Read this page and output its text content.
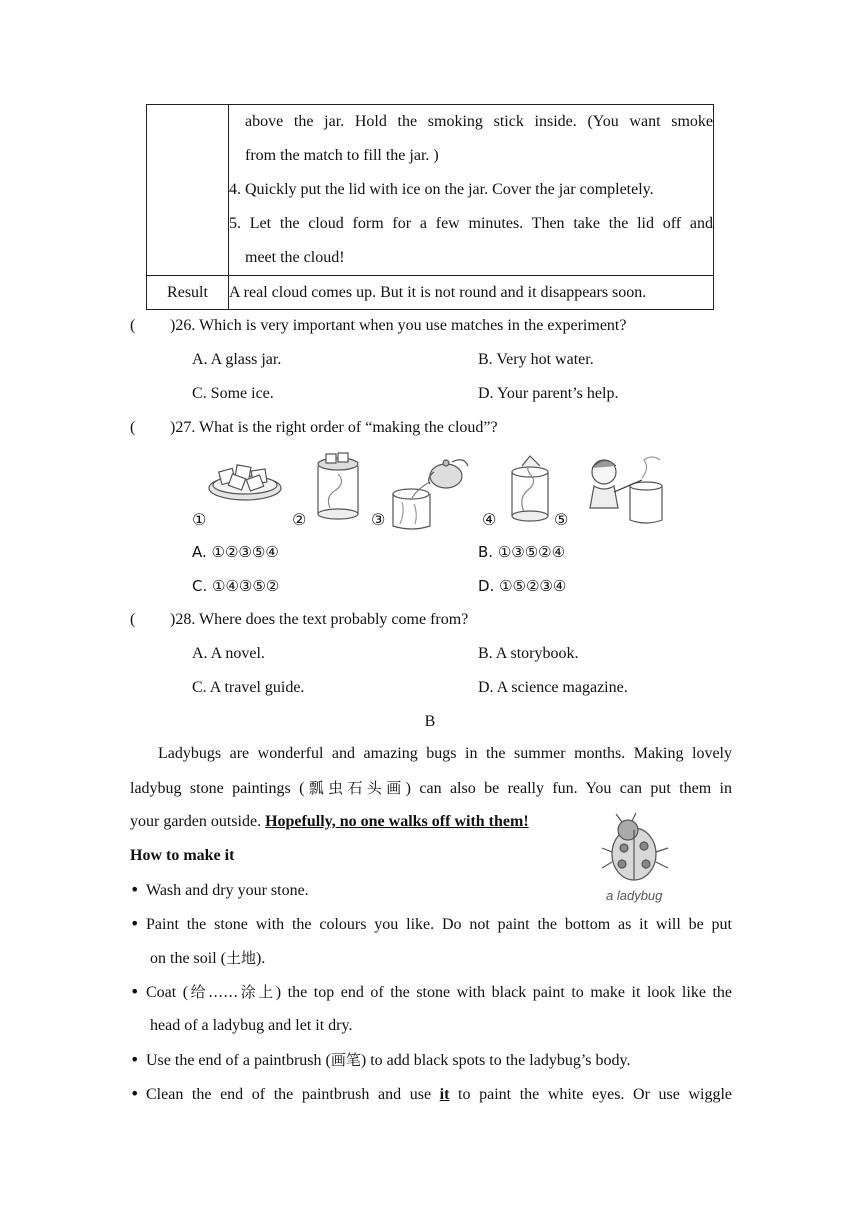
	above the jar. Hold the smoking stick inside. (You want smoke
from the match to fill the jar. )
4. Quickly put the lid with ice on the jar. Cover the jar completely.
5. Let the cloud form for a few minutes. Then take the lid off and
meet the cloud!

Result	A real cloud comes up. But it is not round and it disappears soon.
( )26. Which is very important when you use matches in the experiment?
A. A glass jar.	B. Very hot water.
C. Some ice.	D. Your parent’s help.
( )27. What is the right order of “making the cloud”?
①	②	③	④	⑤
A. ①②③⑤④	B. ①③⑤②④
C. ①④③⑤②	D. ①⑤②③④
( )28. Where does the text probably come from?
A. A novel.	B. A storybook.
C. A travel guide.	D. A science magazine.
B
Ladybugs are wonderful and amazing bugs in the summer months. Making lovely
ladybug stone paintings (瓢虫石头画) can also be really fun. You can put them in
your garden outside. Hopefully, no one walks off with them!
How to make it
a ladybug
• Wash and dry your stone.
• Paint the stone with the colours you like. Do not paint the bottom as it will be put
on the soil (土地).
• Coat (给……涂上) the top end of the stone with black paint to make it look like the
head of a ladybug and let it dry.
• Use the end of a paintbrush (画笔) to add black spots to the ladybug’s body.
• Clean the end of the paintbrush and use it to paint the white eyes. Or use wiggle
